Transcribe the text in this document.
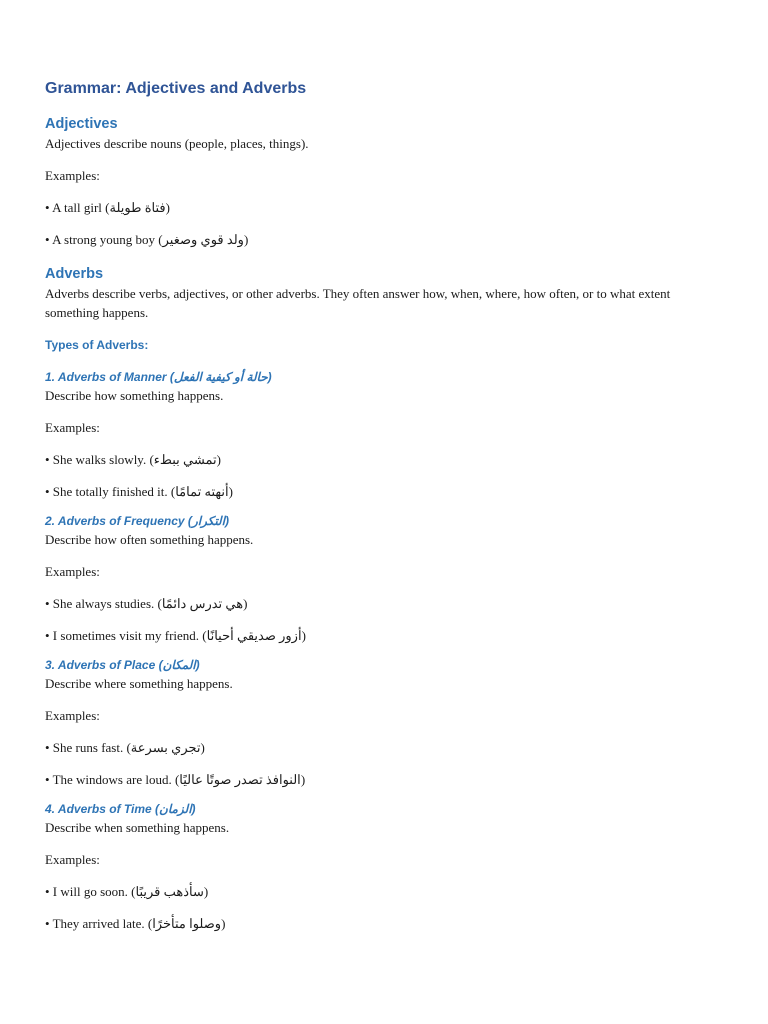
Grammar: Adjectives and Adverbs
Adjectives

Adjectives describe nouns (people, places, things).

Examples:

• A tall girl (فتاة طويلة)

• A strong young boy (ولد قوي وصغير)

Adverbs

Adverbs describe verbs, adjectives, or other adverbs. They often answer how, when, where, how often, or to what extent something happens.

Types of Adverbs:
1. Adverbs of Manner (حالة أو كيفية الفعل)

Describe how something happens.

Examples:

• She walks slowly. (تمشي ببطء)

• She totally finished it. (أنهته تمامًا)

2. Adverbs of Frequency (التكرار)

Describe how often something happens.

Examples:

• She always studies. (هي تدرس دائمًا)

• I sometimes visit my friend. (أزور صديقي أحيانًا)

3. Adverbs of Place (المكان)

Describe where something happens.

Examples:

• She runs fast. (تجري بسرعة)

• The windows are loud. (النوافذ تصدر صوتًا عاليًا)

4. Adverbs of Time (الزمان)

Describe when something happens.

Examples:

• I will go soon. (سأذهب قريبًا)

• They arrived late. (وصلوا متأخرًا)
